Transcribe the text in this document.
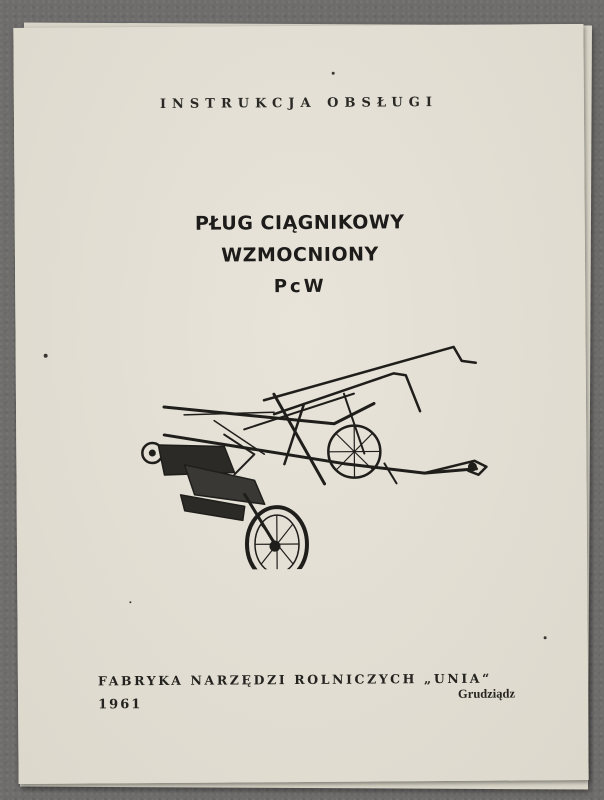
INSTRUKCJA OBSŁUGI
PŁUG CIĄGNIKOWY
WZMOCNIONY
PcW
FABRYKA NARZĘDZI ROLNICZYCH „UNIA“
1961
Grudziądz
